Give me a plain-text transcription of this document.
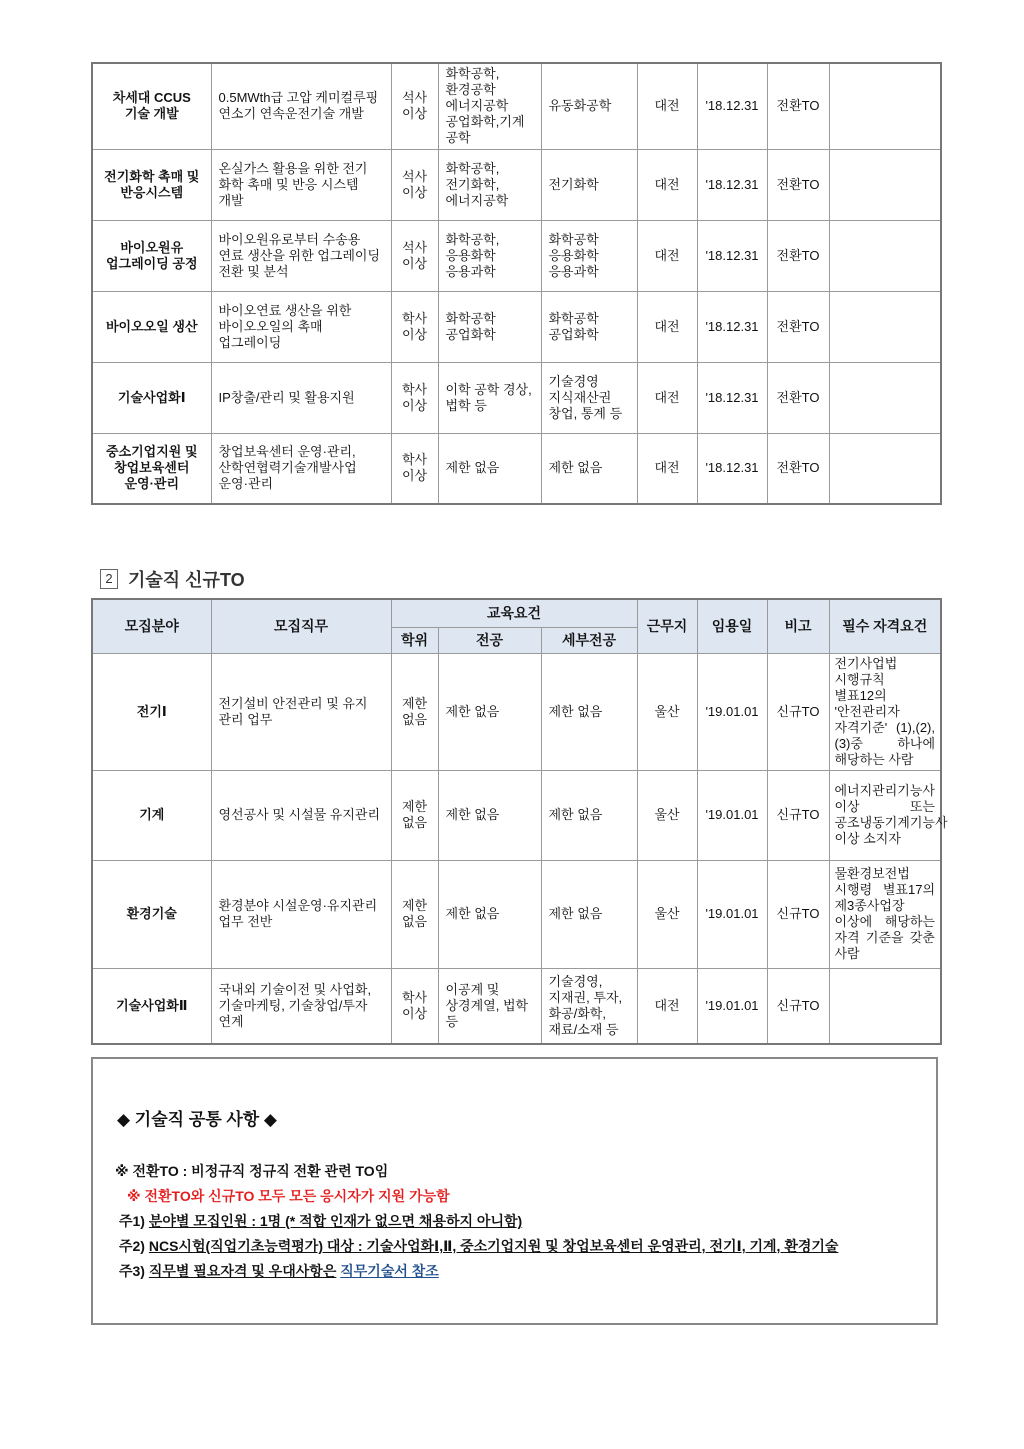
차세대 CCUS 기술 개발	0.5MWth급 고압 케미컬루핑 연소기 연속운전기술 개발	석사 이상	화학공학, 환경공학 에너지공학 공업화학,기계 공학	유동화공학	대전	'18.12.31	전환TO	
전기화학 촉매 및 반응시스템	온실가스 활용을 위한 전기 화학 촉매 및 반응 시스템 개발	석사 이상	화학공학, 전기화학, 에너지공학	전기화학	대전	'18.12.31	전환TO	
바이오원유 업그레이딩 공정	바이오원유로부터 수송용 연료 생산을 위한 업그레이딩 전환 및 분석	석사 이상	화학공학, 응용화학 응용과학	화학공학 응용화학 응용과학	대전	'18.12.31	전환TO	
바이오오일 생산	바이오연료 생산을 위한 바이오오일의 촉매 업그레이딩	학사 이상	화학공학 공업화학	화학공학 공업화학	대전	'18.12.31	전환TO	
기술사업화Ⅰ	IP창출/관리 및 활용지원	학사 이상	이학 공학 경상, 법학 등	기술경영 지식재산권 창업, 통계 등	대전	'18.12.31	전환TO	
중소기업지원 및 창업보육센터 운영·관리	창업보육센터 운영·관리, 산학연협력기술개발사업 운영·관리	학사 이상	제한 없음	제한 없음	대전	'18.12.31	전환TO	
2 기술직 신규TO
모집분야	모집직무	교육요건			근무지	임용일	비고	필수 자격요건
		학위	전공	세부전공				
전기Ⅰ	전기설비 안전관리 및 유지 관리 업무	제한 없음	제한 없음	제한 없음	울산	'19.01.01	신규TO	전기사업법 시행규칙 별표12의 '안전관리자 자격기준' (1),(2),(3)중 하나에 해당하는 사람
기계	영선공사 및 시설물 유지관리	제한 없음	제한 없음	제한 없음	울산	'19.01.01	신규TO	에너지관리기능사 이상 또는 공조냉동기계기능사 이상 소지자
환경기술	환경분야 시설운영·유지관리 업무 전반	제한 없음	제한 없음	제한 없음	울산	'19.01.01	신규TO	물환경보전법 시행령 별표17의 제3종사업장 이상에 해당하는 자격 기준을 갖춘 사람
기술사업화Ⅱ	국내외 기술이전 및 사업화, 기술마케팅, 기술창업/투자 연계	학사 이상	이공계 및 상경계열, 법학 등	기술경영, 지재권, 투자, 화공/화학, 재료/소재 등	대전	'19.01.01	신규TO	
◆ 기술직 공통 사항 ◆
※ 전환TO : 비정규직 정규직 전환 관련 TO임
※ 전환TO와 신규TO 모두 모든 응시자가 지원 가능함
주1) 분야별 모집인원 : 1명 (* 적합 인재가 없으면 채용하지 아니함)
주2) NCS시험(직업기초능력평가) 대상 : 기술사업화Ⅰ,Ⅱ, 중소기업지원 및 창업보육센터 운영관리, 전기Ⅰ, 기계, 환경기술
주3) 직무별 필요자격 및 우대사항은 직무기술서 참조
